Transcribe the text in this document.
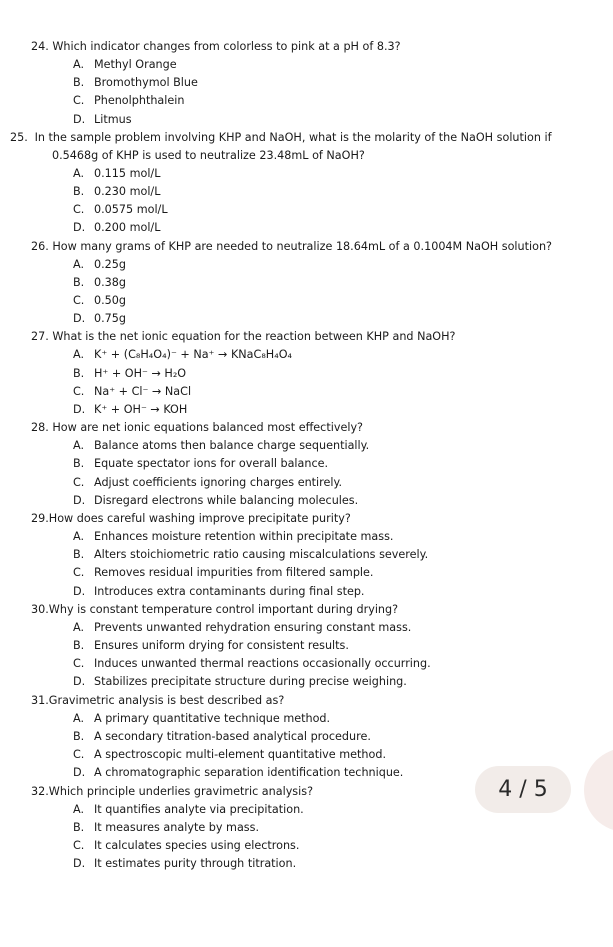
24. Which indicator changes from colorless to pink at a pH of 8.3?

A. Methyl Orange

B. Bromothymol Blue

C. Phenolphthalein

D. Litmus

25. In the sample problem involving KHP and NaOH, what is the molarity of the NaOH solution if 0.5468g of KHP is used to neutralize 23.48mL of NaOH?

A. 0.115 mol/L

B. 0.230 mol/L

C. 0.0575 mol/L

D. 0.200 mol/L

26. How many grams of KHP are needed to neutralize 18.64mL of a 0.1004M NaOH solution?

A. 0.25g

B. 0.38g

C. 0.50g

D. 0.75g

27. What is the net ionic equation for the reaction between KHP and NaOH?

A. K⁺ + (C₈H₄O₄)⁻ + Na⁺ → KNaC₈H₄O₄

B. H⁺ + OH⁻ → H₂O

C. Na⁺ + Cl⁻ → NaCl

D. K⁺ + OH⁻ → KOH

28. How are net ionic equations balanced most effectively?

A. Balance atoms then balance charge sequentially.

B. Equate spectator ions for overall balance.

C. Adjust coefficients ignoring charges entirely.

D. Disregard electrons while balancing molecules.

29.How does careful washing improve precipitate purity?

A. Enhances moisture retention within precipitate mass.

B. Alters stoichiometric ratio causing miscalculations severely.

C. Removes residual impurities from filtered sample.

D. Introduces extra contaminants during final step.

30.Why is constant temperature control important during drying?

A. Prevents unwanted rehydration ensuring constant mass.

B. Ensures uniform drying for consistent results.

C. Induces unwanted thermal reactions occasionally occurring.

D. Stabilizes precipitate structure during precise weighing.

31.Gravimetric analysis is best described as?

A. A primary quantitative technique method.

B. A secondary titration-based analytical procedure.

C. A spectroscopic multi-element quantitative method.

D. A chromatographic separation identification technique.

32.Which principle underlies gravimetric analysis?

A. It quantifies analyte via precipitation.

B. It measures analyte by mass.

C. It calculates species using electrons.

D. It estimates purity through titration.

4 / 5
